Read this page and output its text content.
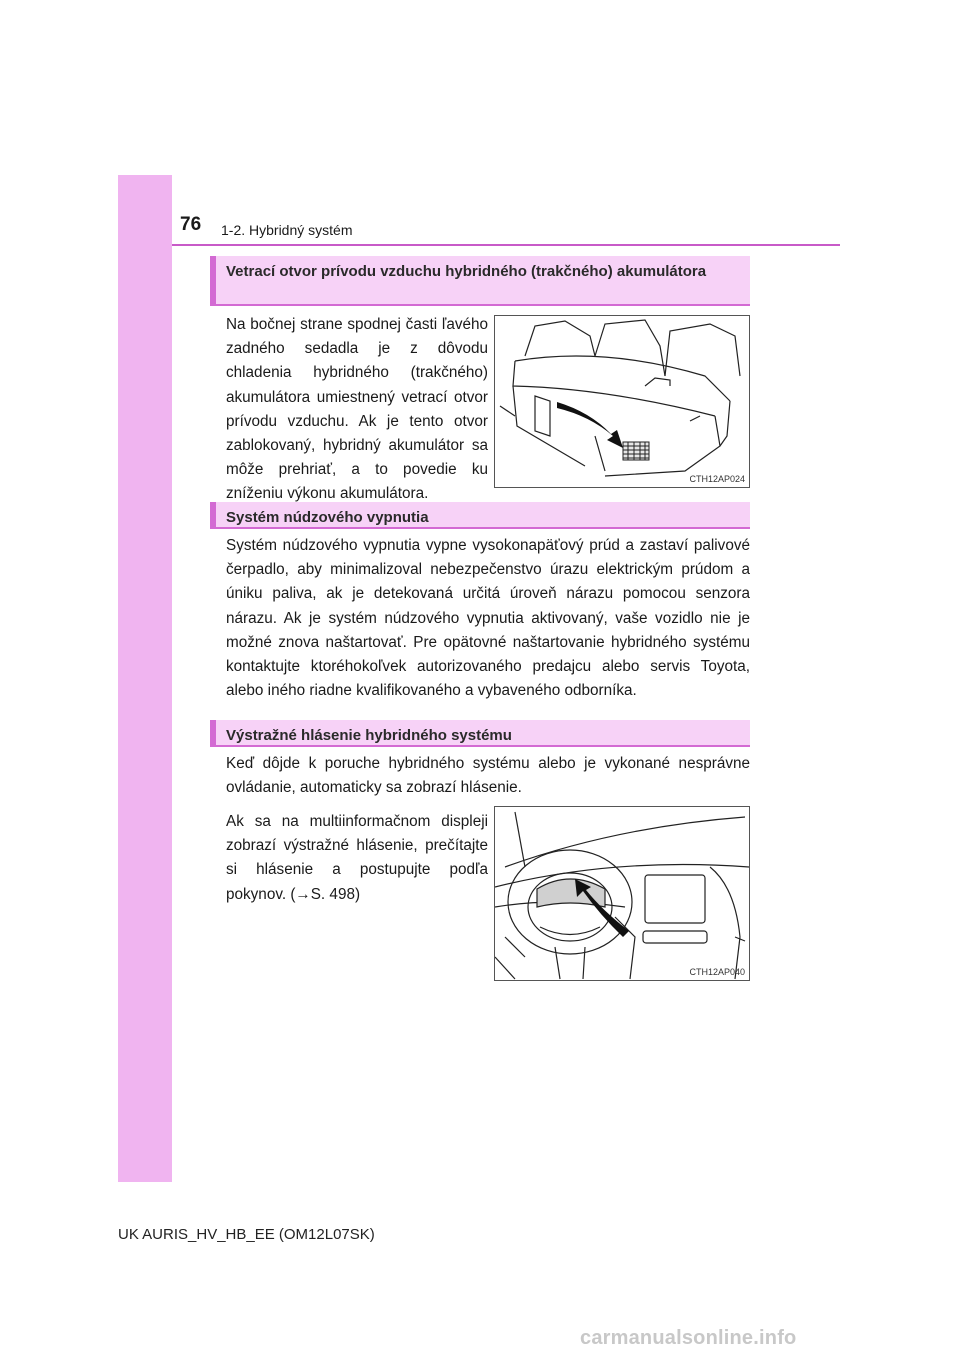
76 1-2. Hybridný systém
Vetrací otvor prívodu vzduchu hybridného (trakčného) akumulátora
Na bočnej strane spodnej časti ľavého zadného sedadla je z dôvodu chladenia hybridného (trakčného) akumulátora umiestnený vetrací otvor prívodu vzduchu. Ak je tento otvor zablokovaný, hybridný akumulátor sa môže prehriať, a to povedie ku zníženiu výkonu akumulátora.
CTH12AP024
Systém núdzového vypnutia
Systém núdzového vypnutia vypne vysokonapäťový prúd a zastaví palivové čerpadlo, aby minimalizoval nebezpečenstvo úrazu elektrickým prúdom a úniku paliva, ak je detekovaná určitá úroveň nárazu pomocou senzora nárazu. Ak je systém núdzového vypnutia aktivovaný, vaše vozidlo nie je možné znova naštartovať. Pre opätovné naštartovanie hybridného systému kontaktujte ktoréhokoľvek autorizovaného predajcu alebo servis Toyota, alebo iného riadne kvalifikovaného a vybaveného odborníka.
Výstražné hlásenie hybridného systému
Keď dôjde k poruche hybridného systému alebo je vykonané nesprávne ovládanie, automaticky sa zobrazí hlásenie.
Ak sa na multiinformačnom displeji zobrazí výstražné hlásenie, prečítajte si hlásenie a postupujte podľa pokynov. (→S. 498)
CTH12AP040
UK AURIS_HV_HB_EE (OM12L07SK)
carmanualsonline.info
